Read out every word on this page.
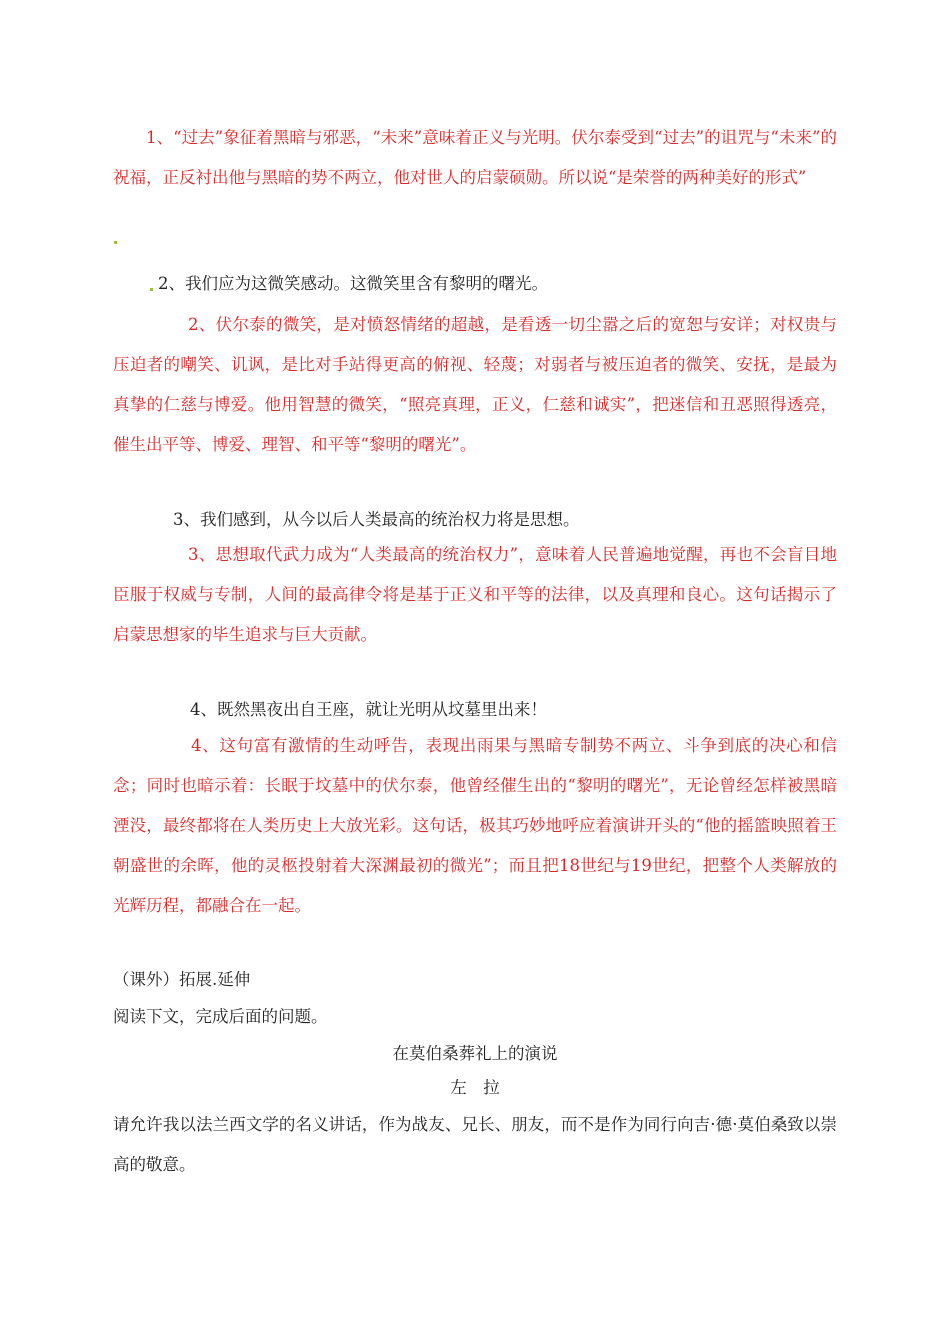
1、“过去”象征着黑暗与邪恶，“未来”意味着正义与光明。伏尔泰受到“过去”的诅咒与“未来”的祝福，正反衬出他与黑暗的势不两立，他对世人的启蒙硕勋。所以说“是荣誉的两种美好的形式”

2、我们应为这微笑感动。这微笑里含有黎明的曙光。

2、伏尔泰的微笑，是对愤怒情绪的超越，是看透一切尘嚣之后的宽恕与安详；对权贵与压迫者的嘲笑、讥讽，是比对手站得更高的俯视、轻蔑；对弱者与被压迫者的微笑、安抚，是最为真挚的仁慈与博爱。他用智慧的微笑，“照亮真理，正义，仁慈和诚实”，把迷信和丑恶照得透亮，催生出平等、博爱、理智、和平等“黎明的曙光”。

3、我们感到，从今以后人类最高的统治权力将是思想。

3、思想取代武力成为“人类最高的统治权力”，意味着人民普遍地觉醒，再也不会盲目地臣服于权威与专制，人间的最高律令将是基于正义和平等的法律，以及真理和良心。这句话揭示了启蒙思想家的毕生追求与巨大贡献。

4、既然黑夜出自王座，就让光明从坟墓里出来！

4、这句富有激情的生动呼告，表现出雨果与黑暗专制势不两立、斗争到底的决心和信念；同时也暗示着：长眠于坟墓中的伏尔泰，他曾经催生出的“黎明的曙光”，无论曾经怎样被黑暗湮没，最终都将在人类历史上大放光彩。这句话，极其巧妙地呼应着演讲开头的“他的摇篮映照着王朝盛世的余晖，他的灵柩投射着大深渊最初的微光”；而且把18世纪与19世纪，把整个人类解放的光辉历程，都融合在一起。

（课外）拓展.延伸

阅读下文，完成后面的问题。

在莫伯桑葬礼上的演说

左　拉

请允许我以法兰西文学的名义讲话，作为战友、兄长、朋友，而不是作为同行向吉·德·莫伯桑致以崇高的敬意。
